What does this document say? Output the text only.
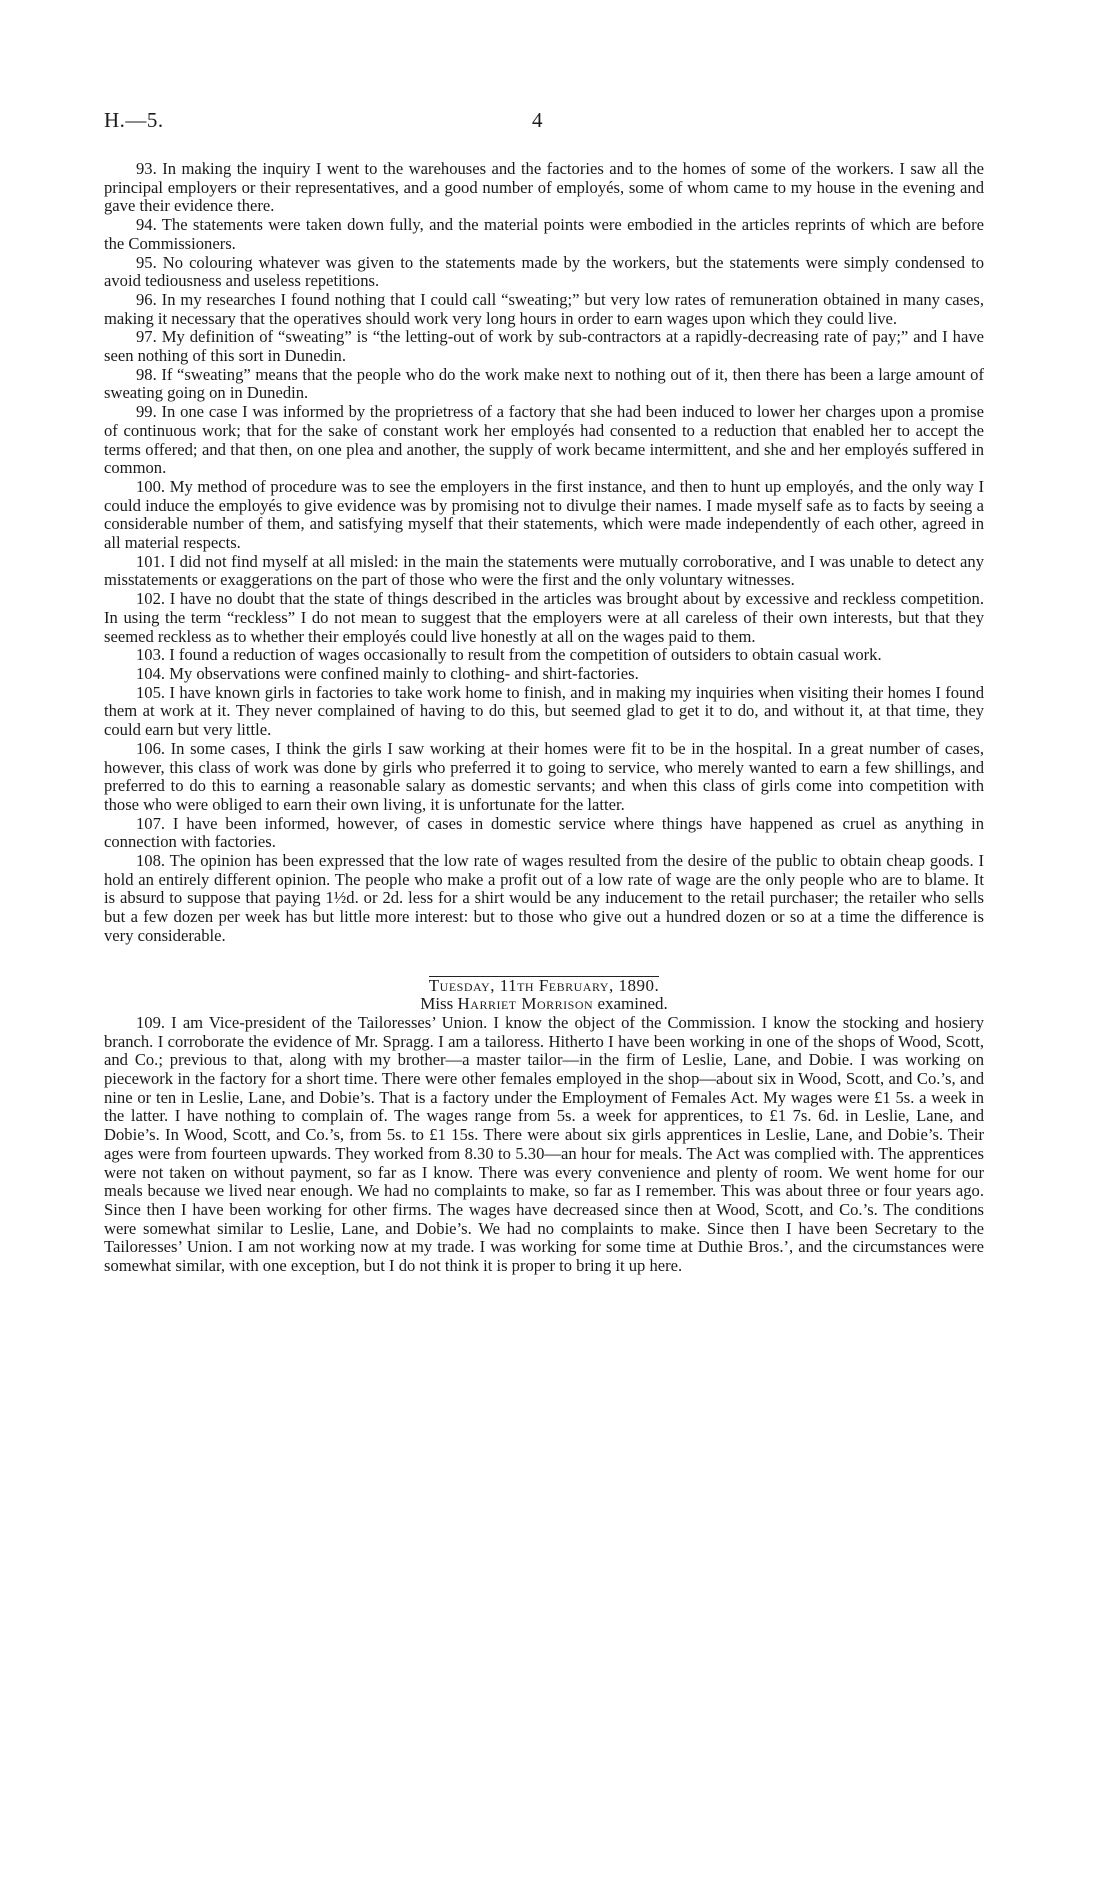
H.—5.	4

93. In making the inquiry I went to the warehouses and the factories and to the homes of some of the workers. I saw all the principal employers or their representatives, and a good number of employés, some of whom came to my house in the evening and gave their evidence there.

94. The statements were taken down fully, and the material points were embodied in the articles reprints of which are before the Commissioners.

95. No colouring whatever was given to the statements made by the workers, but the statements were simply condensed to avoid tediousness and useless repetitions.

96. In my researches I found nothing that I could call “sweating;” but very low rates of remuneration obtained in many cases, making it necessary that the operatives should work very long hours in order to earn wages upon which they could live.

97. My definition of “sweating” is “the letting-out of work by sub-contractors at a rapidly-decreasing rate of pay;” and I have seen nothing of this sort in Dunedin.

98. If “sweating” means that the people who do the work make next to nothing out of it, then there has been a large amount of sweating going on in Dunedin.

99. In one case I was informed by the proprietress of a factory that she had been induced to lower her charges upon a promise of continuous work; that for the sake of constant work her employés had consented to a reduction that enabled her to accept the terms offered; and that then, on one plea and another, the supply of work became intermittent, and she and her employés suffered in common.

100. My method of procedure was to see the employers in the first instance, and then to hunt up employés, and the only way I could induce the employés to give evidence was by promising not to divulge their names. I made myself safe as to facts by seeing a considerable number of them, and satisfying myself that their statements, which were made independently of each other, agreed in all material respects.

101. I did not find myself at all misled: in the main the statements were mutually corroborative, and I was unable to detect any misstatements or exaggerations on the part of those who were the first and the only voluntary witnesses.

102. I have no doubt that the state of things described in the articles was brought about by excessive and reckless competition. In using the term “reckless” I do not mean to suggest that the employers were at all careless of their own interests, but that they seemed reckless as to whether their employés could live honestly at all on the wages paid to them.

103. I found a reduction of wages occasionally to result from the competition of outsiders to obtain casual work.

104. My observations were confined mainly to clothing- and shirt-factories.

105. I have known girls in factories to take work home to finish, and in making my inquiries when visiting their homes I found them at work at it. They never complained of having to do this, but seemed glad to get it to do, and without it, at that time, they could earn but very little.

106. In some cases, I think the girls I saw working at their homes were fit to be in the hospital. In a great number of cases, however, this class of work was done by girls who preferred it to going to service, who merely wanted to earn a few shillings, and preferred to do this to earning a reasonable salary as domestic servants; and when this class of girls come into competition with those who were obliged to earn their own living, it is unfortunate for the latter.

107. I have been informed, however, of cases in domestic service where things have happened as cruel as anything in connection with factories.

108. The opinion has been expressed that the low rate of wages resulted from the desire of the public to obtain cheap goods. I hold an entirely different opinion. The people who make a profit out of a low rate of wage are the only people who are to blame. It is absurd to suppose that paying 1½d. or 2d. less for a shirt would be any inducement to the retail purchaser; the retailer who sells but a few dozen per week has but little more interest: but to those who give out a hundred dozen or so at a time the difference is very considerable.

Tuesday, 11th February, 1890.

Miss Harriet Morrison examined.

109. I am Vice-president of the Tailoresses’ Union. I know the object of the Commission. I know the stocking and hosiery branch. I corroborate the evidence of Mr. Spragg. I am a tailoress. Hitherto I have been working in one of the shops of Wood, Scott, and Co.; previous to that, along with my brother—a master tailor—in the firm of Leslie, Lane, and Dobie. I was working on piecework in the factory for a short time. There were other females employed in the shop—about six in Wood, Scott, and Co.’s, and nine or ten in Leslie, Lane, and Dobie’s. That is a factory under the Employment of Females Act. My wages were £1 5s. a week in the latter. I have nothing to complain of. The wages range from 5s. a week for apprentices, to £1 7s. 6d. in Leslie, Lane, and Dobie’s. In Wood, Scott, and Co.’s, from 5s. to £1 15s. There were about six girls apprentices in Leslie, Lane, and Dobie’s. Their ages were from fourteen upwards. They worked from 8.30 to 5.30—an hour for meals. The Act was complied with. The apprentices were not taken on without payment, so far as I know. There was every convenience and plenty of room. We went home for our meals because we lived near enough. We had no complaints to make, so far as I remember. This was about three or four years ago. Since then I have been working for other firms. The wages have decreased since then at Wood, Scott, and Co.’s. The conditions were somewhat similar to Leslie, Lane, and Dobie’s. We had no complaints to make. Since then I have been Secretary to the Tailoresses’ Union. I am not working now at my trade. I was working for some time at Duthie Bros.’, and the circumstances were somewhat similar, with one exception, but I do not think it is proper to bring it up here.
